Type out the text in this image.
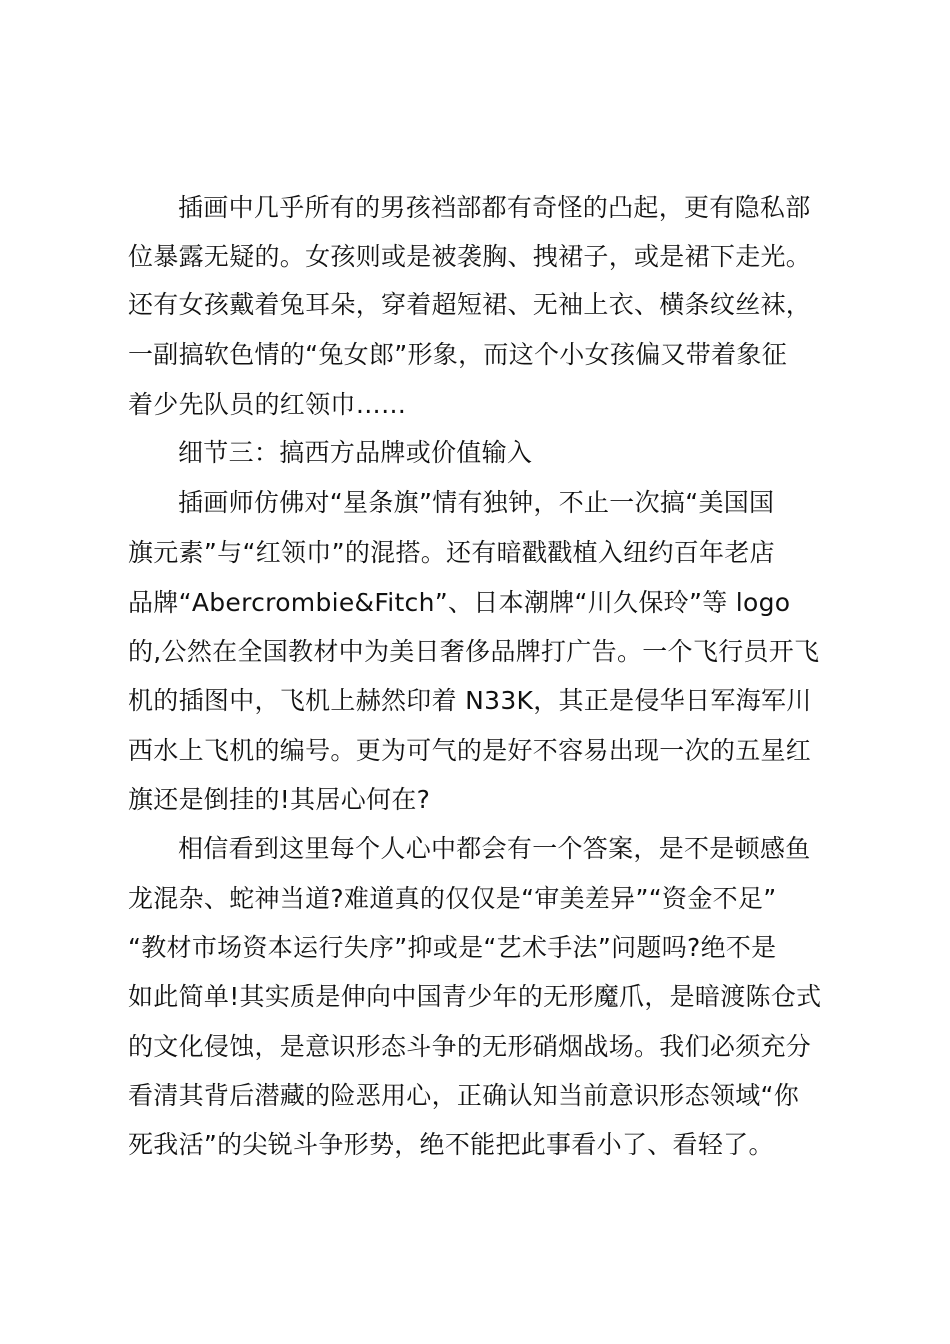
插画中几乎所有的男孩裆部都有奇怪的凸起，更有隐私部
位暴露无疑的。女孩则或是被袭胸、拽裙子，或是裙下走光。
还有女孩戴着兔耳朵，穿着超短裙、无袖上衣、横条纹丝袜，
一副搞软色情的“兔女郎”形象，而这个小女孩偏又带着象征
着少先队员的红领巾……
细节三：搞西方品牌或价值输入
插画师仿佛对“星条旗”情有独钟，不止一次搞“美国国
旗元素”与“红领巾”的混搭。还有暗戳戳植入纽约百年老店
品牌“Abercrombie&Fitch”、日本潮牌“川久保玲”等 logo
的,公然在全国教材中为美日奢侈品牌打广告。一个飞行员开飞
机的插图中，飞机上赫然印着 N33K，其正是侵华日军海军川
西水上飞机的编号。更为可气的是好不容易出现一次的五星红
旗还是倒挂的!其居心何在?
相信看到这里每个人心中都会有一个答案，是不是顿感鱼
龙混杂、蛇神当道?难道真的仅仅是“审美差异”“资金不足”
“教材市场资本运行失序”抑或是“艺术手法”问题吗?绝不是
如此简单!其实质是伸向中国青少年的无形魔爪，是暗渡陈仓式
的文化侵蚀，是意识形态斗争的无形硝烟战场。我们必须充分
看清其背后潜藏的险恶用心，正确认知当前意识形态领域“你
死我活”的尖锐斗争形势，绝不能把此事看小了、看轻了。
